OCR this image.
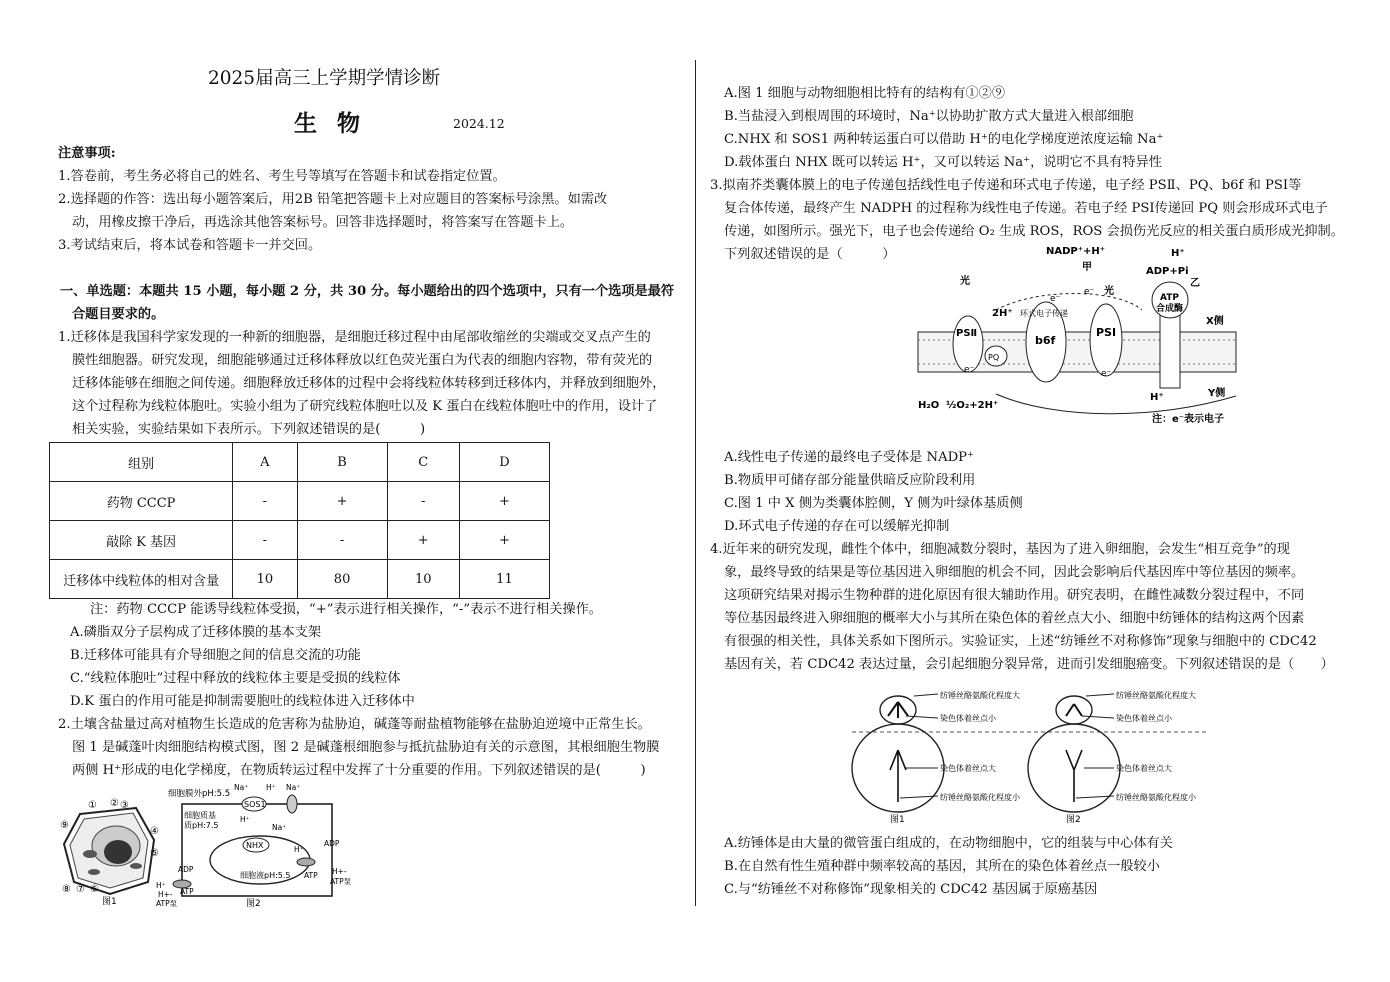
2025届高三上学期学情诊断
生物	2024.12
注意事项:
1.答卷前，考生务必将自己的姓名、考生号等填写在答题卡和试卷指定位置。
2.选择题的作答：选出每小题答案后，用2B 铅笔把答题卡上对应题目的答案标号涂黑。如需改
动，用橡皮擦干净后，再选涂其他答案标号。回答非选择题时，将答案写在答题卡上。
3.考试结束后，将本试卷和答题卡一并交回。
一、单选题：本题共 15 小题，每小题 2 分，共 30 分。每小题给出的四个选项中，只有一个选项是最符
合题目要求的。
1.迁移体是我国科学家发现的一种新的细胞器，是细胞迁移过程中由尾部收缩丝的尖端或交叉点产生的
膜性细胞器。研究发现，细胞能够通过迁移体释放以红色荧光蛋白为代表的细胞内容物，带有荧光的
迁移体能够在细胞之间传递。细胞释放迁移体的过程中会将线粒体转移到迁移体内，并释放到细胞外，
这个过程称为线粒体胞吐。实验小组为了研究线粒体胞吐以及 K 蛋白在线粒体胞吐中的作用，设计了
相关实验，实验结果如下表所示。下列叙述错误的是(　　　)
组别	A	B	C	D
药物 CCCP	-	+	-	+
敲除 K 基因	-	-	+	+
迁移体中线粒体的相对含量	10	80	10	11
注：药物 CCCP 能诱导线粒体受损，“+”表示进行相关操作，“-”表示不进行相关操作。
A.磷脂双分子层构成了迁移体膜的基本支架
B.迁移体可能具有介导细胞之间的信息交流的功能
C.“线粒体胞吐”过程中释放的线粒体主要是受损的线粒体
D.K 蛋白的作用可能是抑制需要胞吐的线粒体进入迁移体中
2.土壤含盐量过高对植物生长造成的危害称为盐胁迫，碱蓬等耐盐植物能够在盐胁迫逆境中正常生长。
图 1 是碱蓬叶肉细胞结构模式图，图 2 是碱蓬根细胞参与抵抗盐胁迫有关的示意图，其根细胞生物膜
两侧 H⁺形成的电化学梯度，在物质转运过程中发挥了十分重要的作用。下列叙述错误的是(　　　)
① ② ③
④
⑤
⑥
⑦
⑧
⑨
图1
细胞膜外pH:5.5
SOS1
Na⁺ H⁺ Na⁺
细胞质基
质pH:7.5
H⁺
Na⁺
NHX
细胞液pH:5.5
ADP
ATP
H⁺
H+-
ATP泵
ADP
ATP
H⁺
H+-
ATP泵	图2
A.图 1 细胞与动物细胞相比特有的结构有①②⑨
B.当盐浸入到根周围的环境时，Na⁺以协助扩散方式大量进入根部细胞
C.NHX 和 SOS1 两种转运蛋白可以借助 H⁺的电化学梯度逆浓度运输 Na⁺
D.载体蛋白 NHX 既可以转运 H⁺，又可以转运 Na⁺，说明它不具有特异性
3.拟南芥类囊体膜上的电子传递包括线性电子传递和环式电子传递，电子经 PSⅡ、PQ、b6f 和 PSⅠ等
复合体传递，最终产生 NADPH 的过程称为线性电子传递。若电子经 PSⅠ传递回 PQ 则会形成环式电子
传递，如图所示。强光下，电子也会传递给 O₂ 生成 ROS，ROS 会损伤光反应的相关蛋白质形成光抑制。
下列叙述错误的是（　　　）
PSⅡ
PQ
b6f
PSⅠ
ATP
合成酶
NADP⁺+H⁺
甲	ADP+Pi
乙
H⁺
光
光
2H⁺ 环式电子传递
e⁻
e⁻
e⁻	e⁻
X侧
Y侧
H₂O ½O₂+2H⁺
H⁺
注：e⁻表示电子
A.线性电子传递的最终电子受体是 NADP⁺
B.物质甲可储存部分能量供暗反应阶段利用
C.图 1 中 X 侧为类囊体腔侧，Y 侧为叶绿体基质侧
D.环式电子传递的存在可以缓解光抑制
4.近年来的研究发现，雌性个体中，细胞减数分裂时，基因为了进入卵细胞，会发生“相互竞争”的现
象，最终导致的结果是等位基因进入卵细胞的机会不同，因此会影响后代基因库中等位基因的频率。
这项研究结果对揭示生物种群的进化原因有很大辅助作用。研究表明，在雌性减数分裂过程中，不同
等位基因最终进入卵细胞的概率大小与其所在染色体的着丝点大小、细胞中纺锤体的结构这两个因素
有很强的相关性，具体关系如下图所示。实验证实，上述“纺锤丝不对称修饰”现象与细胞中的 CDC42
基因有关，若 CDC42 表达过量，会引起细胞分裂异常，进而引发细胞癌变。下列叙述错误的是（　　）
纺锤丝酪氨酸化程度大
染色体着丝点小
染色体着丝点大
纺锤丝酪氨酸化程度小
图1
纺锤丝酪氨酸化程度大
染色体着丝点小
染色体着丝点大
纺锤丝酪氨酸化程度小
图2
A.纺锤体是由大量的微管蛋白组成的，在动物细胞中，它的组装与中心体有关
B.在自然有性生殖种群中频率较高的基因，其所在的染色体着丝点一般较小
C.与“纺锤丝不对称修饰”现象相关的 CDC42 基因属于原癌基因
